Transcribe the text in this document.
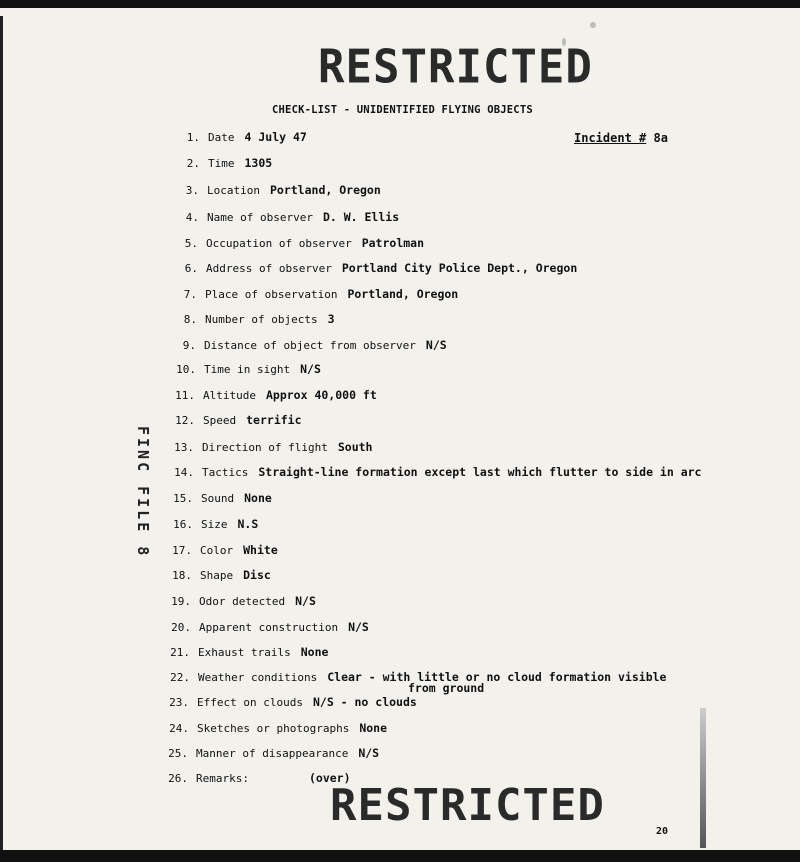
RESTRICTED
CHECK-LIST - UNIDENTIFIED FLYING OBJECTS
Incident # 8a
FINC FILE 8
1. Date 4 July 47
2. Time 1305
3. Location Portland, Oregon
4. Name of observer D. W. Ellis
5. Occupation of observer Patrolman
6. Address of observer Portland City Police Dept., Oregon
7. Place of observation Portland, Oregon
8. Number of objects 3
9. Distance of object from observer N/S
10. Time in sight N/S
11. Altitude Approx 40,000 ft
12. Speed terrific
13. Direction of flight South
14. Tactics Straight-line formation except last which flutter to side in arc
15. Sound None
16. Size N.S
17. Color White
18. Shape Disc
19. Odor detected N/S
20. Apparent construction N/S
21. Exhaust trails None
22. Weather conditions Clear - with little or no cloud formation visible
from ground
23. Effect on clouds N/S - no clouds
24. Sketches or photographs None
25. Manner of disappearance N/S
26. Remarks:	(over)
RESTRICTED
20
